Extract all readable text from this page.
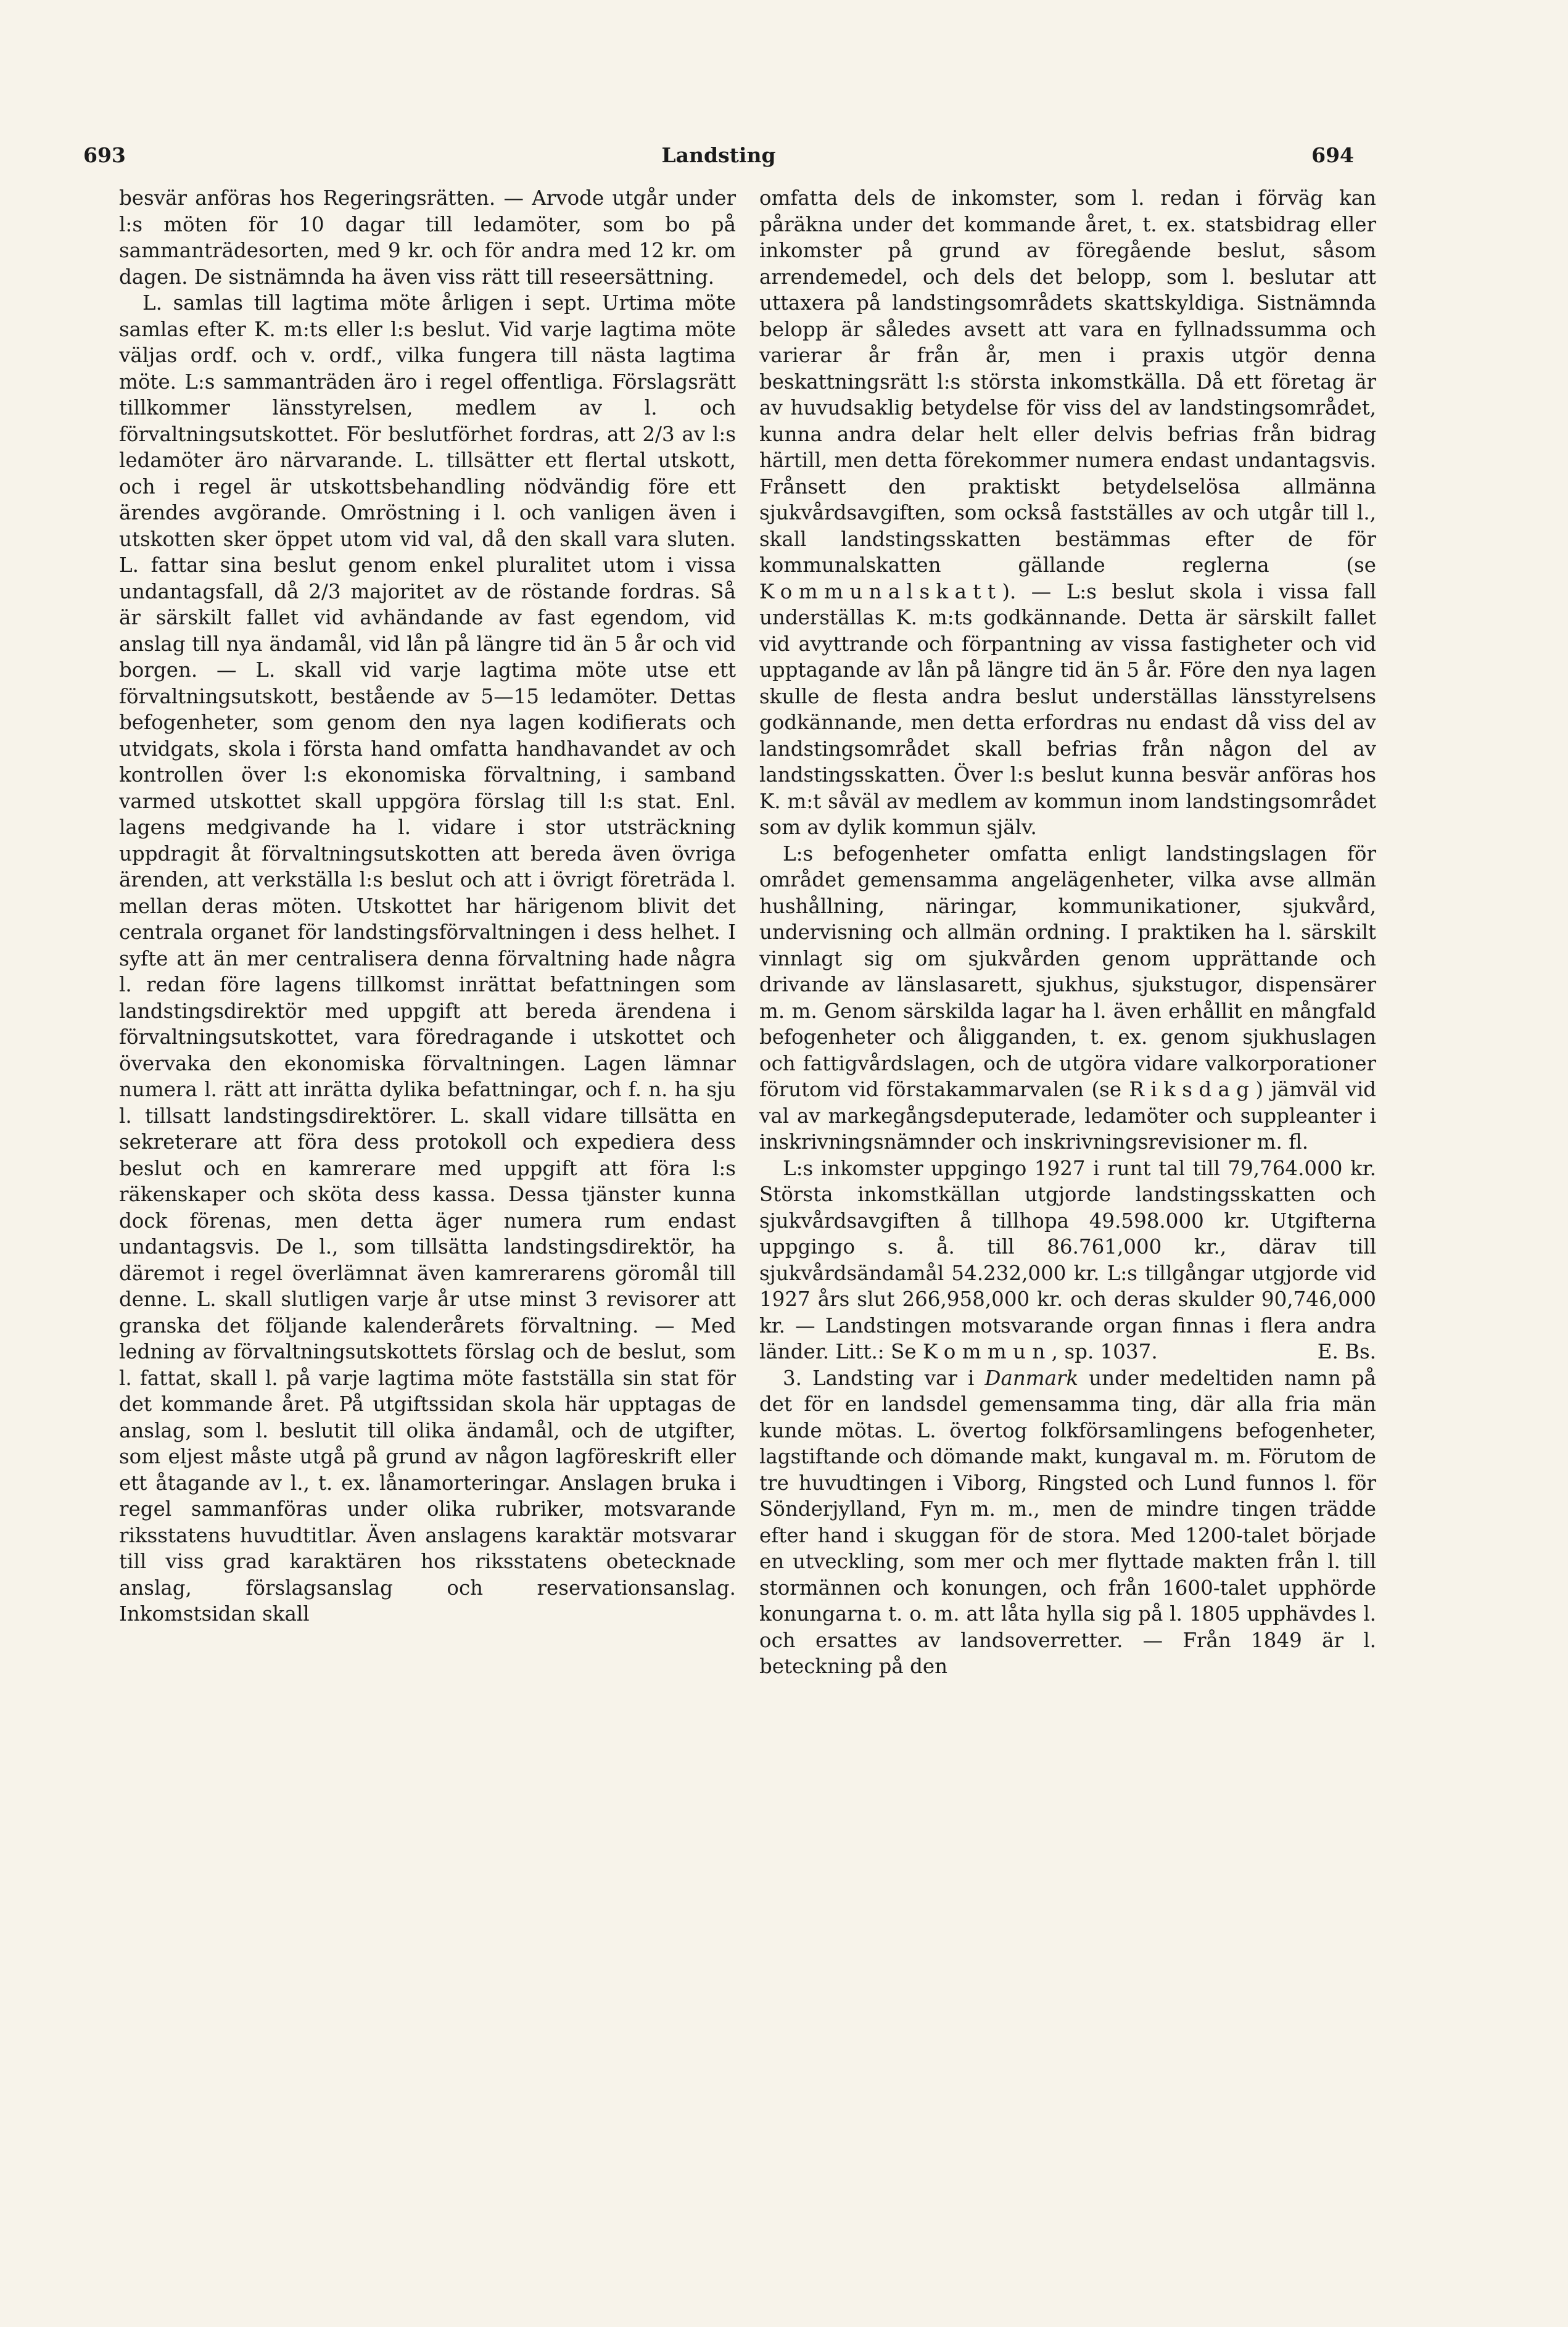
693	Landsting	694

besvär anföras hos Regeringsrätten. — Arvode utgår under l:s möten för 10 dagar till ledamöter, som bo på sammanträdesorten, med 9 kr. och för andra med 12 kr. om dagen. De sistnämnda ha även viss rätt till reseersättning.

L. samlas till lagtima möte årligen i sept. Urtima möte samlas efter K. m:ts eller l:s beslut. Vid varje lagtima möte väljas ordf. och v. ordf., vilka fungera till nästa lagtima möte. L:s sammanträden äro i regel offentliga. Förslagsrätt tillkommer länsstyrelsen, medlem av l. och förvaltningsutskottet. För beslutförhet fordras, att 2/3 av l:s ledamöter äro närvarande. L. tillsätter ett flertal utskott, och i regel är utskottsbehandling nödvändig före ett ärendes avgörande. Omröstning i l. och vanligen även i utskotten sker öppet utom vid val, då den skall vara sluten. L. fattar sina beslut genom enkel pluralitet utom i vissa undantagsfall, då 2/3 majoritet av de röstande fordras. Så är särskilt fallet vid avhändande av fast egendom, vid anslag till nya ändamål, vid lån på längre tid än 5 år och vid borgen. — L. skall vid varje lagtima möte utse ett förvaltningsutskott, bestående av 5—15 ledamöter. Dettas befogenheter, som genom den nya lagen kodifierats och utvidgats, skola i första hand omfatta handhavandet av och kontrollen över l:s ekonomiska förvaltning, i samband varmed utskottet skall uppgöra förslag till l:s stat. Enl. lagens medgivande ha l. vidare i stor utsträckning uppdragit åt förvaltningsutskotten att bereda även övriga ärenden, att verkställa l:s beslut och att i övrigt företräda l. mellan deras möten. Utskottet har härigenom blivit det centrala organet för landstingsförvaltningen i dess helhet. I syfte att än mer centralisera denna förvaltning hade några l. redan före lagens tillkomst inrättat befattningen som landstingsdirektör med uppgift att bereda ärendena i förvaltningsutskottet, vara föredragande i utskottet och övervaka den ekonomiska förvaltningen. Lagen lämnar numera l. rätt att inrätta dylika befattningar, och f. n. ha sju l. tillsatt landstingsdirektörer. L. skall vidare tillsätta en sekreterare att föra dess protokoll och expediera dess beslut och en kamrerare med uppgift att föra l:s räkenskaper och sköta dess kassa. Dessa tjänster kunna dock förenas, men detta äger numera rum endast undantagsvis. De l., som tillsätta landstingsdirektör, ha däremot i regel överlämnat även kamrerarens göromål till denne. L. skall slutligen varje år utse minst 3 revisorer att granska det följande kalenderårets förvaltning. — Med ledning av förvaltningsutskottets förslag och de beslut, som l. fattat, skall l. på varje lagtima möte fastställa sin stat för det kommande året. På utgiftssidan skola här upptagas de anslag, som l. beslutit till olika ändamål, och de utgifter, som eljest måste utgå på grund av någon lagföreskrift eller ett åtagande av l., t. ex. lånamorteringar. Anslagen bruka i regel sammanföras under olika rubriker, motsvarande riksstatens huvudtitlar. Även anslagens karaktär motsvarar till viss grad karaktären hos riksstatens obetecknade anslag, förslagsanslag och reservationsanslag. Inkomstsidan skall

omfatta dels de inkomster, som l. redan i förväg kan påräkna under det kommande året, t. ex. statsbidrag eller inkomster på grund av föregående beslut, såsom arrendemedel, och dels det belopp, som l. beslutar att uttaxera på landstingsområdets skattskyldiga. Sistnämnda belopp är således avsett att vara en fyllnadssumma och varierar år från år, men i praxis utgör denna beskattningsrätt l:s största inkomstkälla. Då ett företag är av huvudsaklig betydelse för viss del av landstingsområdet, kunna andra delar helt eller delvis befrias från bidrag härtill, men detta förekommer numera endast undantagsvis. Frånsett den praktiskt betydelselösa allmänna sjukvårdsavgiften, som också fastställes av och utgår till l., skall landstingsskatten bestämmas efter de för kommunalskatten gällande reglerna (se Kommunalskatt). — L:s beslut skola i vissa fall underställas K. m:ts godkännande. Detta är särskilt fallet vid avyttrande och förpantning av vissa fastigheter och vid upptagande av lån på längre tid än 5 år. Före den nya lagen skulle de flesta andra beslut underställas länsstyrelsens godkännande, men detta erfordras nu endast då viss del av landstingsområdet skall befrias från någon del av landstingsskatten. Över l:s beslut kunna besvär anföras hos K. m:t såväl av medlem av kommun inom landstingsområdet som av dylik kommun själv.

L:s befogenheter omfatta enligt landstingslagen för området gemensamma angelägenheter, vilka avse allmän hushållning, näringar, kommunikationer, sjukvård, undervisning och allmän ordning. I praktiken ha l. särskilt vinnlagt sig om sjukvården genom upprättande och drivande av länslasarett, sjukhus, sjukstugor, dispensärer m. m. Genom särskilda lagar ha l. även erhållit en mångfald befogenheter och åligganden, t. ex. genom sjukhuslagen och fattigvårdslagen, och de utgöra vidare valkorporationer förutom vid förstakammarvalen (se Riksdag) jämväl vid val av markegångsdeputerade, ledamöter och suppleanter i inskrivningsnämnder och inskrivningsrevisioner m. fl.

L:s inkomster uppgingo 1927 i runt tal till 79,764.000 kr. Största inkomstkällan utgjorde landstingsskatten och sjukvårdsavgiften å tillhopa 49.598.000 kr. Utgifterna uppgingo s. å. till 86.761,000 kr., därav till sjukvårdsändamål 54.232,000 kr. L:s tillgångar utgjorde vid 1927 års slut 266,958,000 kr. och deras skulder 90,746,000 kr. — Landstingen motsvarande organ finnas i flera andra länder. Litt.: Se Kommun, sp. 1037.	E. Bs.

3. Landsting var i Danmark under medeltiden namn på det för en landsdel gemensamma ting, där alla fria män kunde mötas. L. övertog folkförsamlingens befogenheter, lagstiftande och dömande makt, kungaval m. m. Förutom de tre huvudtingen i Viborg, Ringsted och Lund funnos l. för Sönderjylland, Fyn m. m., men de mindre tingen trädde efter hand i skuggan för de stora. Med 1200-talet började en utveckling, som mer och mer flyttade makten från l. till stormännen och konungen, och från 1600-talet upphörde konungarna t. o. m. att låta hylla sig på l. 1805 upphävdes l. och ersattes av landsoverretter. — Från 1849 är l. beteckning på den
